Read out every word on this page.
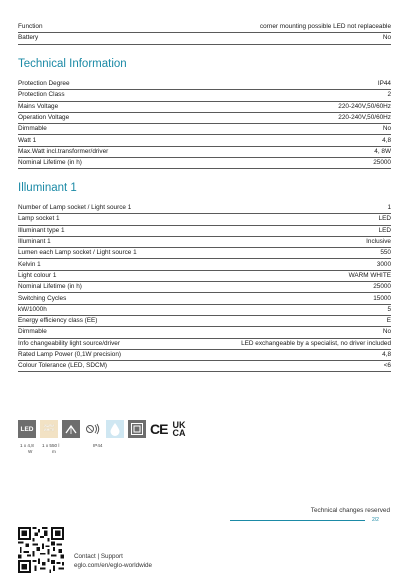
Function	corner mounting possible LED not replaceable
Battery	No
Technical Information
Protection Degree	IP44
Protection Class	2
Mains Voltage	220-240V,50/60Hz
Operation Voltage	220-240V,50/60Hz
Dimmable	No
Watt 1	4,8
Max.Watt incl.transformer/driver	4, 8W
Nominal Lifetime (in h)	25000
Illuminant 1
Number of Lamp socket / Light source 1	1
Lamp socket 1	LED
Illuminant type 1	LED
Illuminant 1	Inclusive
Lumen each Lamp socket / Light source 1	550
Kelvin 1	3000
Light colour 1	WARM WHITE
Nominal Lifetime (in h)	25000
Switching Cycles	15000
kW/1000h	5
Energy efficiency class (EE)	E
Dimmable	No
Info changeability light source/driver	LED exchangeable by a specialist, no driver included
Rated Lamp Power (0,1W precision)	4,8
Colour Tolerance (LED, SDCM)	<6
LED	WARM
WHITE	CE UK
CA
1 x 4,8
W
1 x 550 l
m
IP44
Technical changes reserved
2/2
Contact | Support
eglo.com/en/eglo-worldwide
